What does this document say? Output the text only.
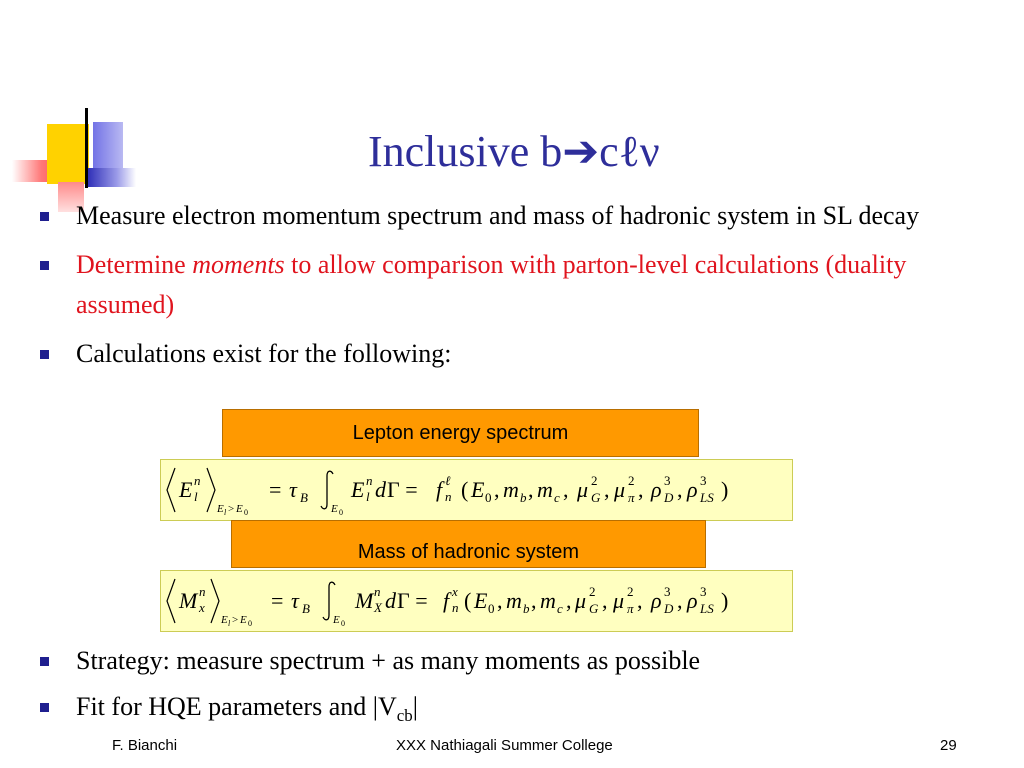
Inclusive b➔cℓν
Measure electron momentum spectrum and mass of hadronic system in SL decay
Determine moments to allow comparison with parton-level calculations (duality assumed)
Calculations exist for the following:
Lepton energy spectrum
E n
l
E l > E 0
= τ B
E 0
E n
l d Γ = f ℓ
n ( E 0 , m b , m c , μ 2
G , μ 2
π , ρ 3
D , ρ 3
LS )
Mass of hadronic system
M n
x
E l > E 0
= τ B
E 0
M n
X d Γ = f x
n ( E 0 , m b , m c , μ 2
G , μ 2
π , ρ 3
D , ρ 3
LS )
Strategy: measure spectrum + as many moments as possible
Fit for HQE parameters and $|V_{cb}|$
F. Bianchi	XXX Nathiagali Summer College	29
